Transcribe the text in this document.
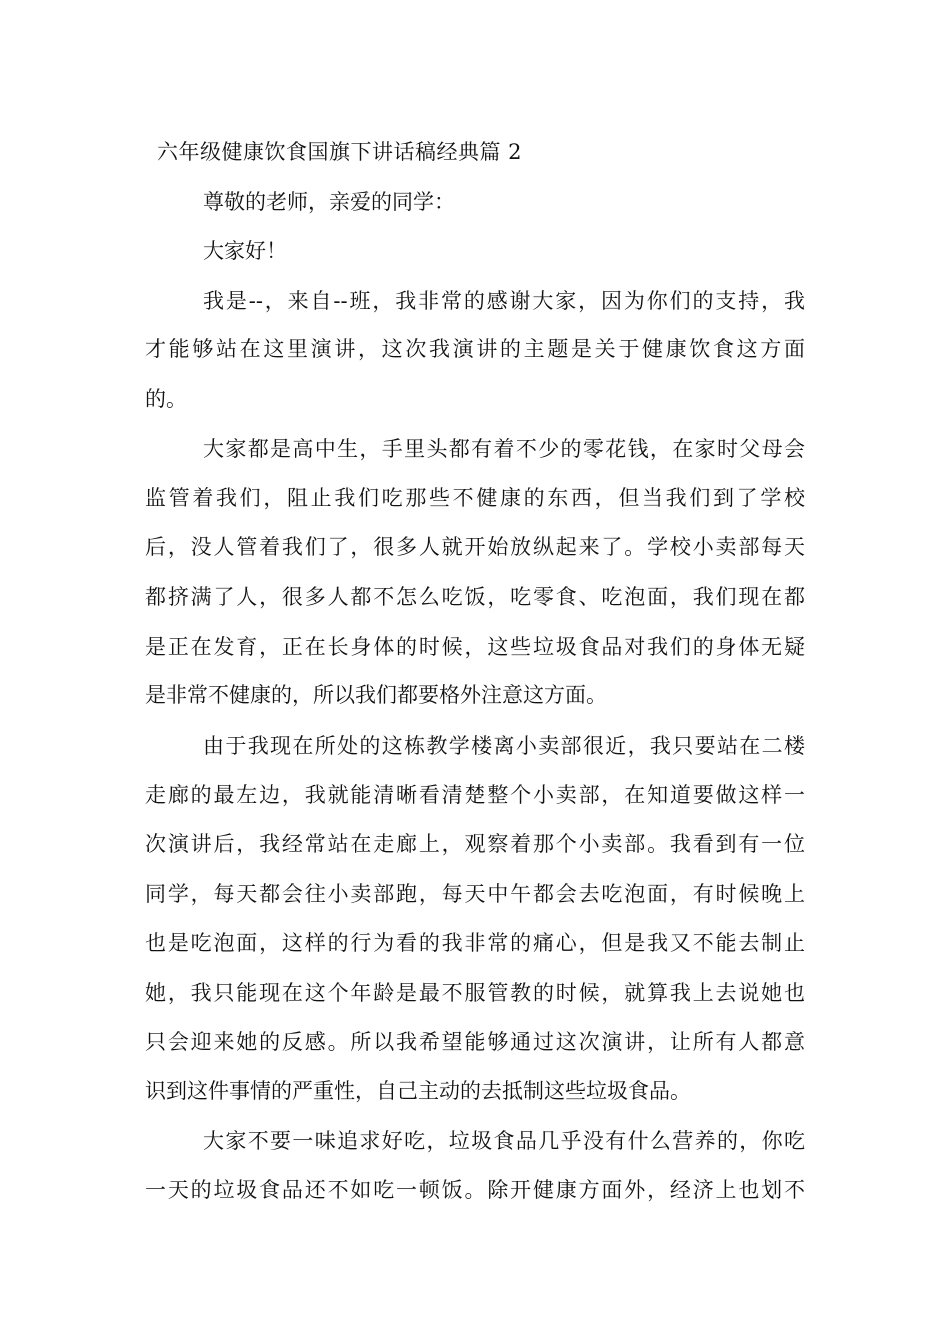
六年级健康饮食国旗下讲话稿经典篇 2
尊敬的老师，亲爱的同学：
大家好！
我是--，来自--班，我非常的感谢大家，因为你们的支持，我
才能够站在这里演讲，这次我演讲的主题是关于健康饮食这方面
的。
大家都是高中生，手里头都有着不少的零花钱，在家时父母会
监管着我们，阻止我们吃那些不健康的东西，但当我们到了学校
后，没人管着我们了，很多人就开始放纵起来了。学校小卖部每天
都挤满了人，很多人都不怎么吃饭，吃零食、吃泡面，我们现在都
是正在发育，正在长身体的时候，这些垃圾食品对我们的身体无疑
是非常不健康的，所以我们都要格外注意这方面。
由于我现在所处的这栋教学楼离小卖部很近，我只要站在二楼
走廊的最左边，我就能清晰看清楚整个小卖部，在知道要做这样一
次演讲后，我经常站在走廊上，观察着那个小卖部。我看到有一位
同学，每天都会往小卖部跑，每天中午都会去吃泡面，有时候晚上
也是吃泡面，这样的行为看的我非常的痛心，但是我又不能去制止
她，我只能现在这个年龄是最不服管教的时候，就算我上去说她也
只会迎来她的反感。所以我希望能够通过这次演讲，让所有人都意
识到这件事情的严重性，自己主动的去抵制这些垃圾食品。
大家不要一味追求好吃，垃圾食品几乎没有什么营养的，你吃
一天的垃圾食品还不如吃一顿饭。除开健康方面外，经济上也划不
